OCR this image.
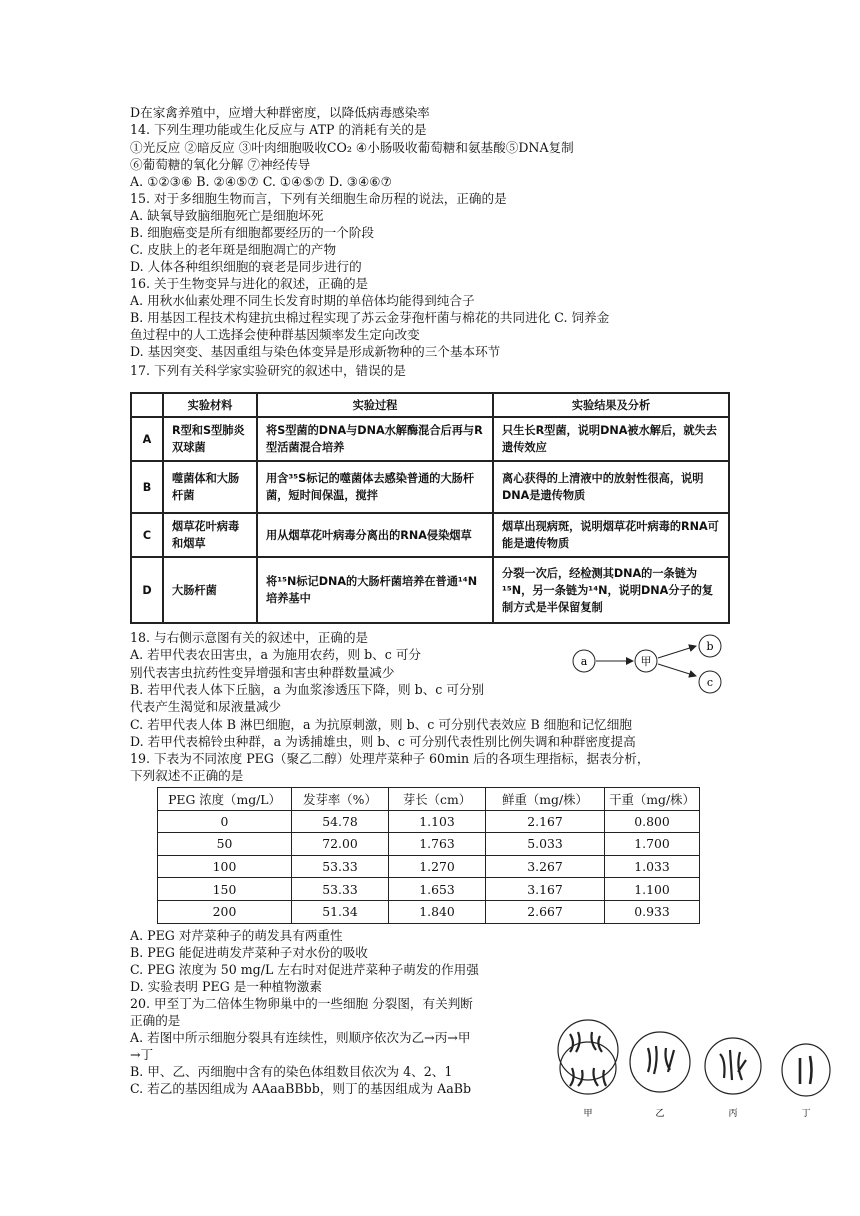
D在家禽养殖中，应增大种群密度，以降低病毒感染率
14. 下列生理功能或生化反应与 ATP 的消耗有关的是
①光反应 ②暗反应 ③叶肉细胞吸收CO₂ ④小肠吸收葡萄糖和氨基酸⑤DNA复制
⑥葡萄糖的氧化分解 ⑦神经传导
A. ①②③⑥ B. ②④⑤⑦ C. ①④⑤⑦ D. ③④⑥⑦
15. 对于多细胞生物而言，下列有关细胞生命历程的说法，正确的是
A. 缺氧导致脑细胞死亡是细胞坏死
B. 细胞癌变是所有细胞都要经历的一个阶段
C. 皮肤上的老年斑是细胞凋亡的产物
D. 人体各种组织细胞的衰老是同步进行的
16. 关于生物变异与进化的叙述，正确的是
A. 用秋水仙素处理不同生长发育时期的单倍体均能得到纯合子
B. 用基因工程技术构建抗虫棉过程实现了苏云金芽孢杆菌与棉花的共同进化 C. 饲养金
鱼过程中的人工选择会使种群基因频率发生定向改变
D. 基因突变、基因重组与染色体变异是形成新物种的三个基本环节
17. 下列有关科学家实验研究的叙述中，错误的是
	实验材料	实验过程	实验结果及分析
A	R型和S型肺炎双球菌	将S型菌的DNA与DNA水解酶混合后再与R型活菌混合培养	只生长R型菌，说明DNA被水解后，就失去遗传效应
B	噬菌体和大肠杆菌	用含³⁵S标记的噬菌体去感染普通的大肠杆菌，短时间保温，搅拌	离心获得的上清液中的放射性很高，说明DNA是遗传物质
C	烟草花叶病毒和烟草	用从烟草花叶病毒分离出的RNA侵染烟草	烟草出现病斑，说明烟草花叶病毒的RNA可能是遗传物质
D	大肠杆菌	将¹⁵N标记DNA的大肠杆菌培养在普通¹⁴N培养基中	分裂一次后，经检测其DNA的一条链为¹⁵N，另一条链为¹⁴N，说明DNA分子的复制方式是半保留复制
18. 与右侧示意图有关的叙述中，正确的是
A. 若甲代表农田害虫，a 为施用农药，则 b、c 可分
别代表害虫抗药性变异增强和害虫种群数量减少
B. 若甲代表人体下丘脑，a 为血浆渗透压下降，则 b、c 可分别
代表产生渴觉和尿液量减少
C. 若甲代表人体 B 淋巴细胞，a 为抗原刺激，则 b、c 可分别代表效应 B 细胞和记忆细胞
D. 若甲代表棉铃虫种群，a 为诱捕雄虫，则 b、c 可分别代表性别比例失调和种群密度提高
19. 下表为不同浓度 PEG（聚乙二醇）处理芹菜种子 60min 后的各项生理指标，据表分析，
下列叙述不正确的是
a	甲
b
c
PEG 浓度（mg/L）	发芽率（%）	芽长（cm）	鲜重（mg/株）	干重（mg/株）
0	54.78	1.103	2.167	0.800
50	72.00	1.763	5.033	1.700
100	53.33	1.270	3.267	1.033
150	53.33	1.653	3.167	1.100
200	51.34	1.840	2.667	0.933
A. PEG 对芹菜种子的萌发具有两重性
B. PEG 能促进萌发芹菜种子对水份的吸收
C. PEG 浓度为 50 mg/L 左右时对促进芹菜种子萌发的作用强
D. 实验表明 PEG 是一种植物激素
20. 甲至丁为二倍体生物卵巢中的一些细胞 分裂图，有关判断
正确的是
A. 若图中所示细胞分裂具有连续性，则顺序依次为乙→丙→甲
→丁
B. 甲、乙、丙细胞中含有的染色体组数目依次为 4、2、1
C. 若乙的基因组成为 AAaaBBbb，则丁的基因组成为 AaBb
甲	乙	丙	丁
